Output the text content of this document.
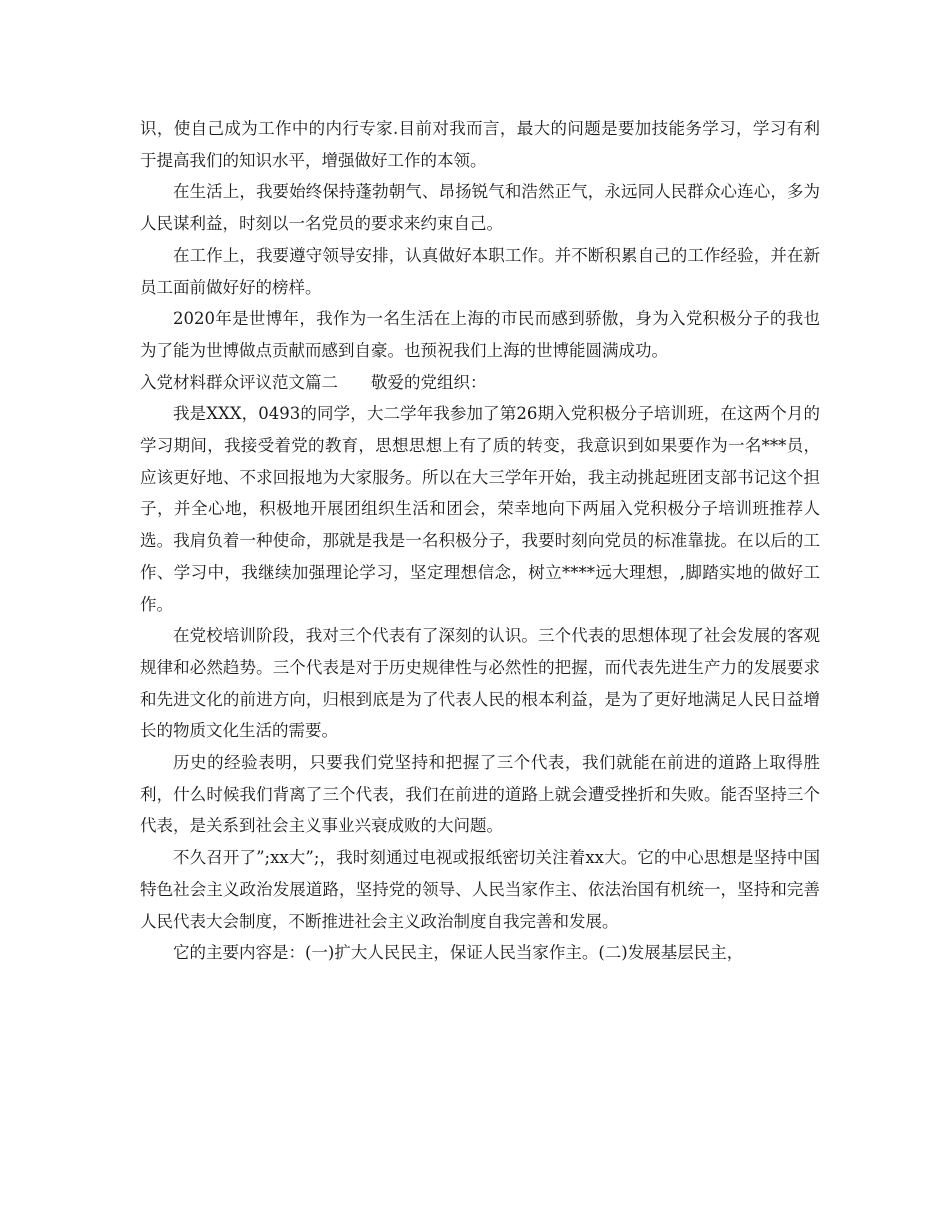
识，使自己成为工作中的内行专家.目前对我而言，最大的问题是要加技能务学习，学习有利于提高我们的知识水平，增强做好工作的本领。

在生活上，我要始终保持蓬勃朝气、昂扬锐气和浩然正气，永远同人民群众心连心，多为人民谋利益，时刻以一名党员的要求来约束自己。

在工作上，我要遵守领导安排，认真做好本职工作。并不断积累自己的工作经验，并在新员工面前做好好的榜样。

2020年是世博年，我作为一名生活在上海的市民而感到骄傲，身为入党积极分子的我也为了能为世博做点贡献而感到自豪。也预祝我们上海的世博能圆满成功。

入党材料群众评议范文篇二　　敬爱的党组织：

我是XXX，0493的同学，大二学年我参加了第26期入党积极分子培训班，在这两个月的学习期间，我接受着党的教育，思想思想上有了质的转变，我意识到如果要作为一名***员，应该更好地、不求回报地为大家服务。所以在大三学年开始，我主动挑起班团支部书记这个担子，并全心地，积极地开展团组织生活和团会，荣幸地向下两届入党积极分子培训班推荐人选。我肩负着一种使命，那就是我是一名积极分子，我要时刻向党员的标准靠拢。在以后的工作、学习中，我继续加强理论学习，坚定理想信念，树立****远大理想，,脚踏实地的做好工作。

在党校培训阶段，我对三个代表有了深刻的认识。三个代表的思想体现了社会发展的客观规律和必然趋势。三个代表是对于历史规律性与必然性的把握，而代表先进生产力的发展要求和先进文化的前进方向，归根到底是为了代表人民的根本利益，是为了更好地满足人民日益增长的物质文化生活的需要。

历史的经验表明，只要我们党坚持和把握了三个代表，我们就能在前进的道路上取得胜利，什么时候我们背离了三个代表，我们在前进的道路上就会遭受挫折和失败。能否坚持三个代表，是关系到社会主义事业兴衰成败的大问题。

不久召开了”;xx大”;，我时刻通过电视或报纸密切关注着xx大。它的中心思想是坚持中国特色社会主义政治发展道路，坚持党的领导、人民当家作主、依法治国有机统一，坚持和完善人民代表大会制度，不断推进社会主义政治制度自我完善和发展。

它的主要内容是：(一)扩大人民民主，保证人民当家作主。(二)发展基层民主，
